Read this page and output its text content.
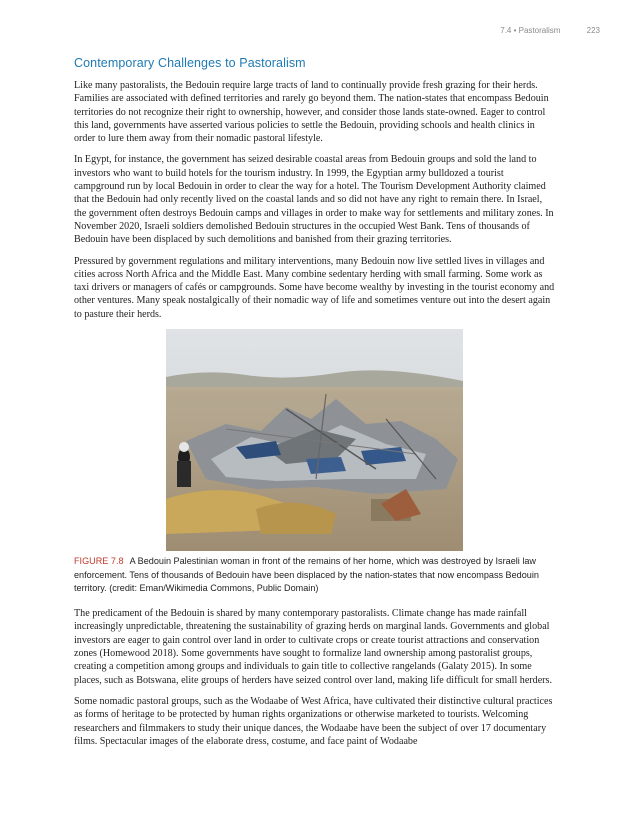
7.4 • Pastoralism	223
Contemporary Challenges to Pastoralism

Like many pastoralists, the Bedouin require large tracts of land to continually provide fresh grazing for their herds. Families are associated with defined territories and rarely go beyond them. The nation-states that encompass Bedouin territories do not recognize their right to ownership, however, and consider those lands state-owned. Eager to control this land, governments have asserted various policies to settle the Bedouin, providing schools and health clinics in order to lure them away from their nomadic pastoral lifestyle.

In Egypt, for instance, the government has seized desirable coastal areas from Bedouin groups and sold the land to investors who want to build hotels for the tourism industry. In 1999, the Egyptian army bulldozed a tourist campground run by local Bedouin in order to clear the way for a hotel. The Tourism Development Authority claimed that the Bedouin had only recently lived on the coastal lands and so did not have any right to remain there. In Israel, the government often destroys Bedouin camps and villages in order to make way for settlements and military zones. In November 2020, Israeli soldiers demolished Bedouin structures in the occupied West Bank. Tens of thousands of Bedouin have been displaced by such demolitions and banished from their grazing territories.

Pressured by government regulations and military interventions, many Bedouin now live settled lives in villages and cities across North Africa and the Middle East. Many combine sedentary herding with small farming. Some work as taxi drivers or managers of cafés or campgrounds. Some have become wealthy by investing in the tourist economy and other ventures. Many speak nostalgically of their nomadic way of life and sometimes venture out into the desert again to pasture their herds.

FIGURE 7.8 A Bedouin Palestinian woman in front of the remains of her home, which was destroyed by Israeli law enforcement. Tens of thousands of Bedouin have been displaced by the nation-states that now encompass Bedouin territory. (credit: Eman/Wikimedia Commons, Public Domain)

The predicament of the Bedouin is shared by many contemporary pastoralists. Climate change has made rainfall increasingly unpredictable, threatening the sustainability of grazing herds on marginal lands. Governments and global investors are eager to gain control over land in order to cultivate crops or create tourist attractions and conservation zones (Homewood 2018). Some governments have sought to formalize land ownership among pastoralist groups, creating a competition among groups and individuals to gain title to collective rangelands (Galaty 2015). In some places, such as Botswana, elite groups of herders have seized control over land, making life difficult for small herders.

Some nomadic pastoral groups, such as the Wodaabe of West Africa, have cultivated their distinctive cultural practices as forms of heritage to be protected by human rights organizations or otherwise marketed to tourists. Welcoming researchers and filmmakers to study their unique dances, the Wodaabe have been the subject of over 17 documentary films. Spectacular images of the elaborate dress, costume, and face paint of Wodaabe
